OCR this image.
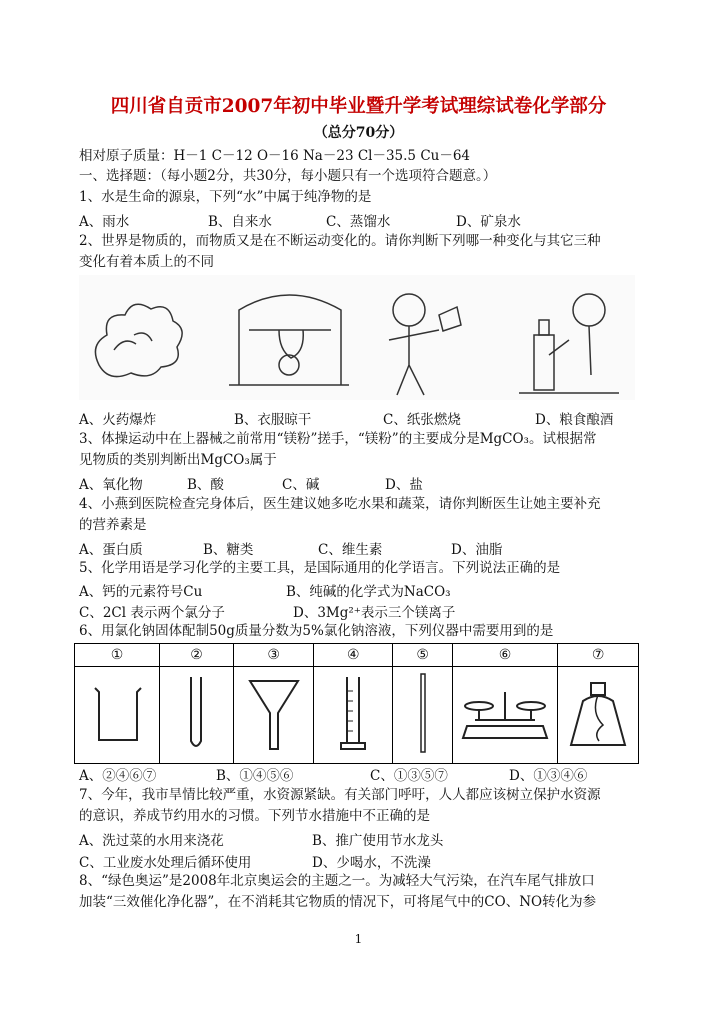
四川省自贡市2007年初中毕业暨升学考试理综试卷化学部分
（总分70分）
相对原子质量：H－1 C－12 O－16 Na－23 Cl－35.5 Cu－64
一、选择题：（每小题2分，共30分，每小题只有一个选项符合题意。）
1、水是生命的源泉，下列“水”中属于纯净物的是
A、雨水	B、自来水	C、蒸馏水	D、矿泉水
2、世界是物质的，而物质又是在不断运动变化的。请你判断下列哪一种变化与其它三种
变化有着本质上的不同
A、火药爆炸	B、衣服晾干	C、纸张燃烧	D、粮食酿酒
3、体操运动中在上器械之前常用“镁粉”搓手，“镁粉”的主要成分是MgCO₃。试根据常
见物质的类别判断出MgCO₃属于
A、氧化物	B、酸	C、碱	D、盐
4、小燕到医院检查完身体后，医生建议她多吃水果和蔬菜，请你判断医生让她主要补充
的营养素是
A、蛋白质	B、糖类	C、维生素	D、油脂
5、化学用语是学习化学的主要工具，是国际通用的化学语言。下列说法正确的是
A、钙的元素符号Cu	B、纯碱的化学式为NaCO₃
C、2Cl 表示两个氯分子	D、3Mg²⁺表示三个镁离子
6、用氯化钠固体配制50g质量分数为5%氯化钠溶液，下列仪器中需要用到的是
①	②	③	④	⑤	⑥	⑦

A、②④⑥⑦	B、①④⑤⑥	C、①③⑤⑦	D、①③④⑥
7、今年，我市旱情比较严重，水资源紧缺。有关部门呼吁，人人都应该树立保护水资源
的意识，养成节约用水的习惯。下列节水措施中不正确的是
A、洗过菜的水用来浇花	B、推广使用节水龙头
C、工业废水处理后循环使用	D、少喝水，不洗澡
8、“绿色奥运”是2008年北京奥运会的主题之一。为减轻大气污染，在汽车尾气排放口
加装“三效催化净化器”，在不消耗其它物质的情况下，可将尾气中的CO、NO转化为参
1
